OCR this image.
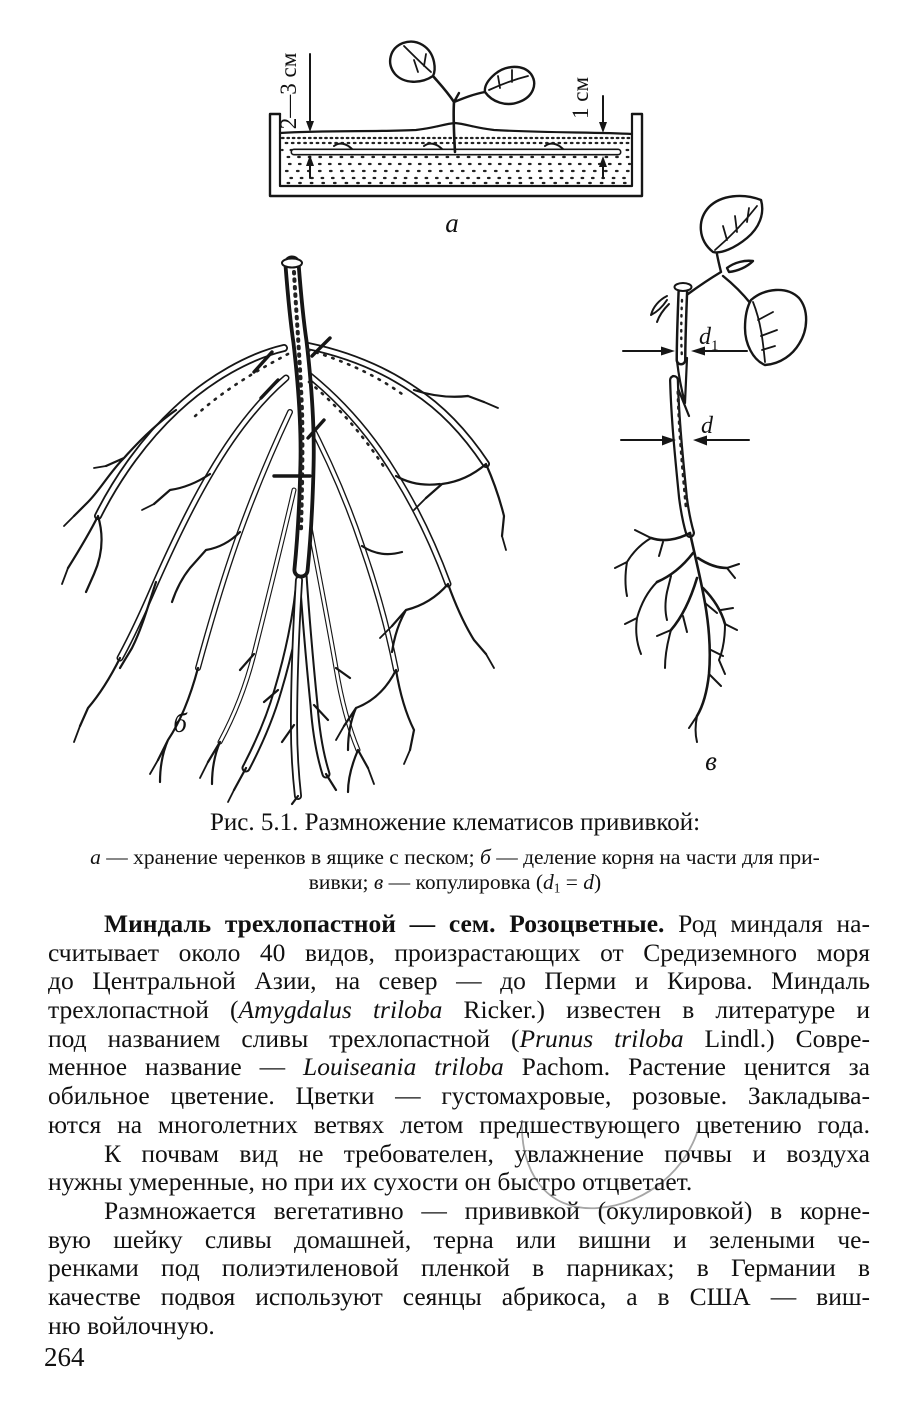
2—3 см	1 см
а
б
$d_1$
d
в
Рис. 5.1. Размножение клематисов прививкой:
а — хранение черенков в ящике с песком; б — деление корня на части для при-
вивки; в — копулировка (d1 = d)
Миндаль трехлопастной — сем. Розоцветные. Род миндаля на-
считывает около 40 видов, произрастающих от Средиземного моря
до Центральной Азии, на север — до Перми и Кирова. Миндаль
трехлопастной (Amygdalus triloba Ricker.) известен в литературе и
под названием сливы трехлопастной (Prunus triloba Lindl.) Совре-
менное название — Louiseania triloba Pachom. Растение ценится за
обильное цветение. Цветки — густомахровые, розовые. Закладыва-
ются на многолетних ветвях летом предшествующего цветению года.
К почвам вид не требователен, увлажнение почвы и воздуха
нужны умеренные, но при их сухости он быстро отцветает.
Размножается вегетативно — прививкой (окулировкой) в корне-
вую шейку сливы домашней, терна или вишни и зелеными че-
ренками под полиэтиленовой пленкой в парниках; в Германии в
качестве подвоя используют сеянцы абрикоса, а в США — виш-
ню войлочную.
264
